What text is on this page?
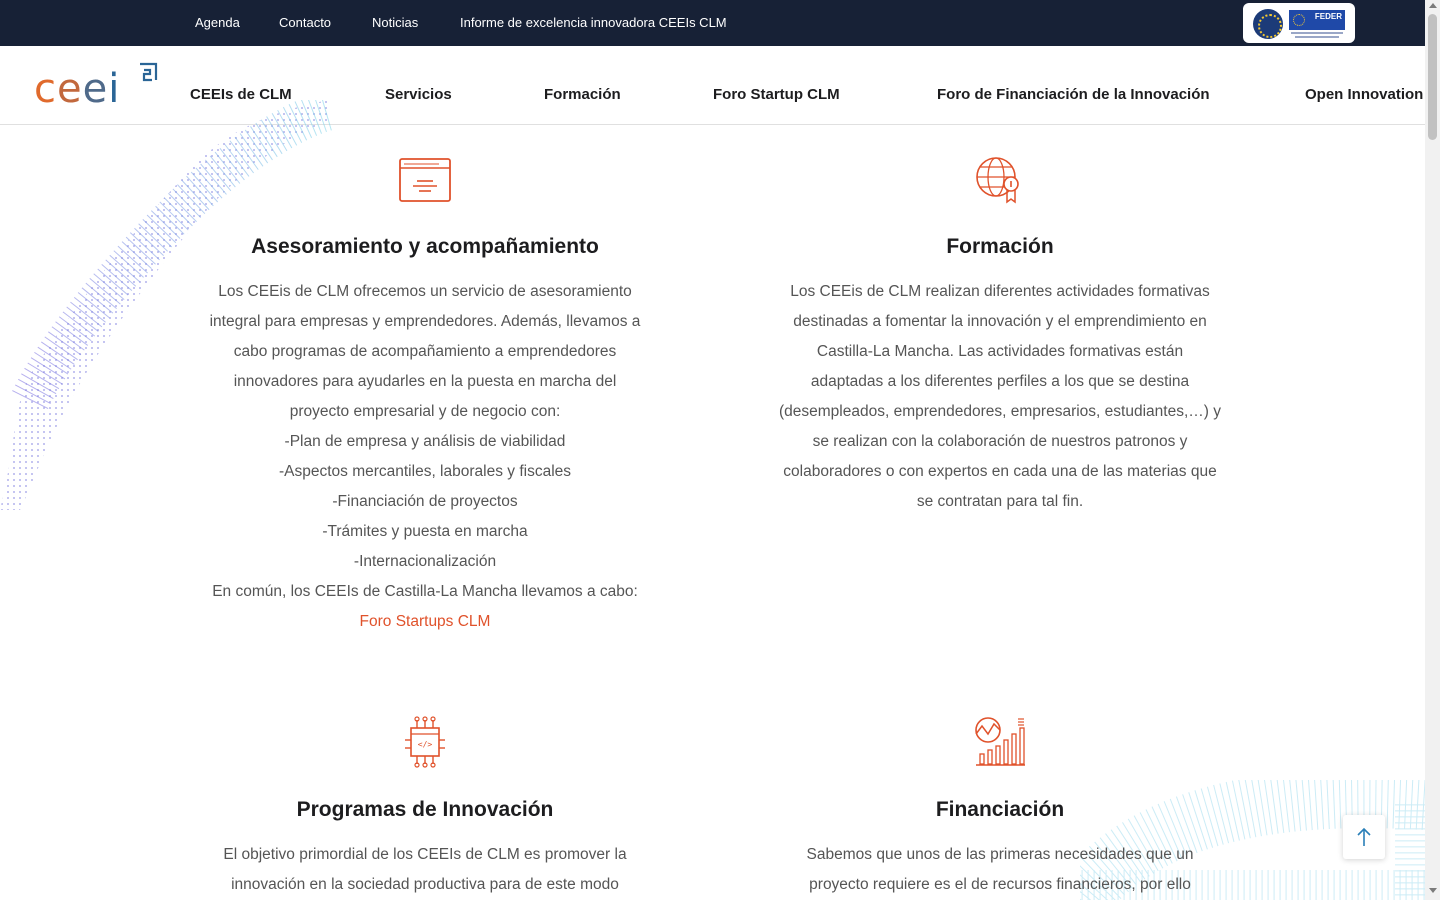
Agenda	Contacto	Noticias	Informe de excelencia innovadora CEEIs CLM	FEDER
ceei	CEEIs de CLM	Servicios	Formación	Foro Startup CLM	Foro de Financiación de la Innovación	Open Innovation
Asesoramiento y acompañamiento

Los CEEis de CLM ofrecemos un servicio de asesoramiento

integral para empresas y emprendedores. Además, llevamos a

cabo programas de acompañamiento a emprendedores

innovadores para ayudarles en la puesta en marcha del

proyecto empresarial y de negocio con:

-Plan de empresa y análisis de viabilidad

-Aspectos mercantiles, laborales y fiscales

-Financiación de proyectos

-Trámites y puesta en marcha

-Internacionalización

En común, los CEEIs de Castilla-La Mancha llevamos a cabo:

Foro Startups CLM

Formación

Los CEEis de CLM realizan diferentes actividades formativas

destinadas a fomentar la innovación y el emprendimiento en

Castilla-La Mancha. Las actividades formativas están

adaptadas a los diferentes perfiles a los que se destina

(desempleados, emprendedores, empresarios, estudiantes,…) y

se realizan con la colaboración de nuestros patronos y

colaboradores o con expertos en cada una de las materias que

se contratan para tal fin.

</>
Programas de Innovación

El objetivo primordial de los CEEIs de CLM es promover la

innovación en la sociedad productiva para de este modo

Financiación

Sabemos que unos de las primeras necesidades que un

proyecto requiere es el de recursos financieros, por ello
